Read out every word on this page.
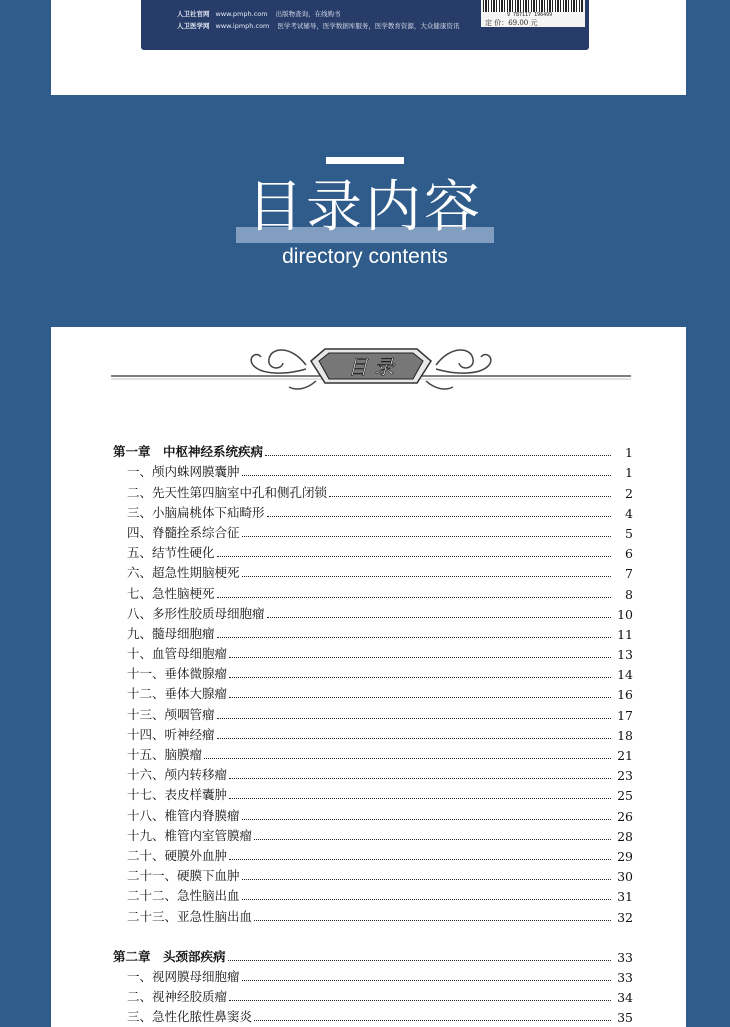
人卫社官网 www.pmph.com 出版物查询，在线购书
人卫医学网 www.ipmph.com 医学考试辅导，医学数据库服务，医学教育资源，大众健康资讯
9 787117 196499
定 价：69.00 元
目录内容
directory contents
目 录
第一章　中枢神经系统疾病	1
一、颅内蛛网膜囊肿	1
二、先天性第四脑室中孔和侧孔闭锁	2
三、小脑扁桃体下疝畸形	4
四、脊髓拴系综合征	5
五、结节性硬化	6
六、超急性期脑梗死	7
七、急性脑梗死	8
八、多形性胶质母细胞瘤	10
九、髓母细胞瘤	11
十、血管母细胞瘤	13
十一、垂体微腺瘤	14
十二、垂体大腺瘤	16
十三、颅咽管瘤	17
十四、听神经瘤	18
十五、脑膜瘤	21
十六、颅内转移瘤	23
十七、表皮样囊肿	25
十八、椎管内脊膜瘤	26
十九、椎管内室管膜瘤	28
二十、硬膜外血肿	29
二十一、硬膜下血肿	30
二十二、急性脑出血	31
二十三、亚急性脑出血	32
第二章　头颈部疾病	33
一、视网膜母细胞瘤	33
二、视神经胶质瘤	34
三、急性化脓性鼻窦炎	35
